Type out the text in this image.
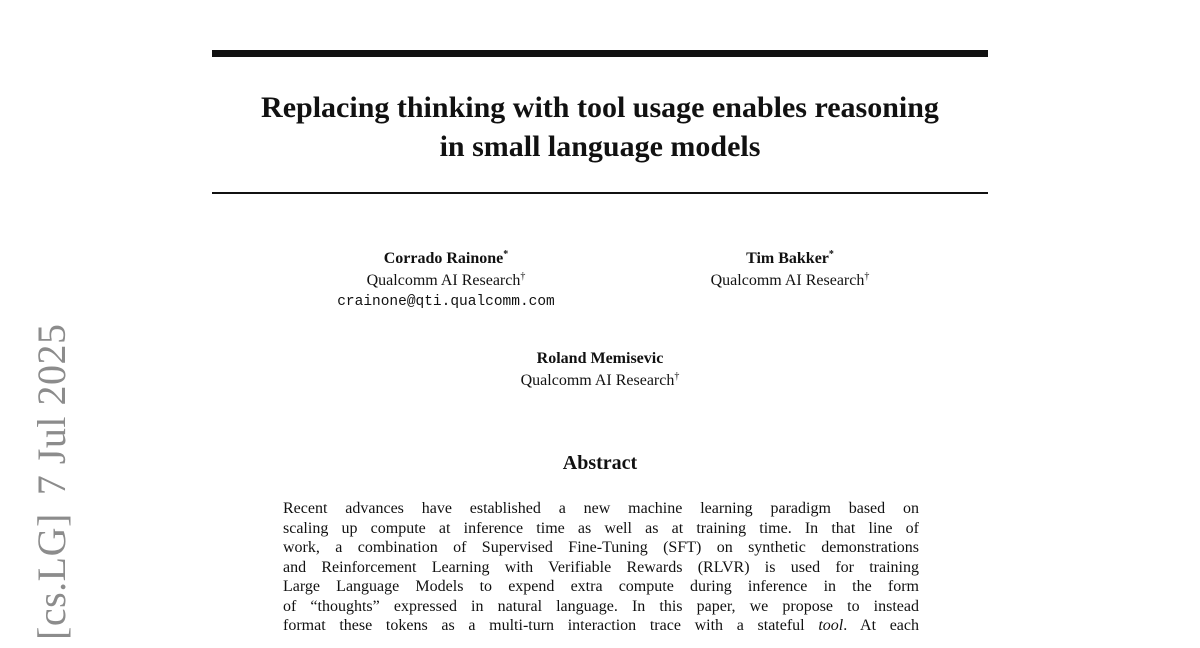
Replacing thinking with tool usage enables reasoning
in small language models
Corrado Rainone*
Qualcomm AI Research†
crainone@qti.qualcomm.com
Tim Bakker*
Qualcomm AI Research†
Roland Memisevic
Qualcomm AI Research†
Abstract
Recent advances have established a new machine learning paradigm based on
scaling up compute at inference time as well as at training time. In that line of
work, a combination of Supervised Fine-Tuning (SFT) on synthetic demonstrations
and Reinforcement Learning with Verifiable Rewards (RLVR) is used for training
Large Language Models to expend extra compute during inference in the form
of “thoughts” expressed in natural language. In this paper, we propose to instead
format these tokens as a multi-turn interaction trace with a stateful tool. At each
[cs.LG]7 Jul 2025
